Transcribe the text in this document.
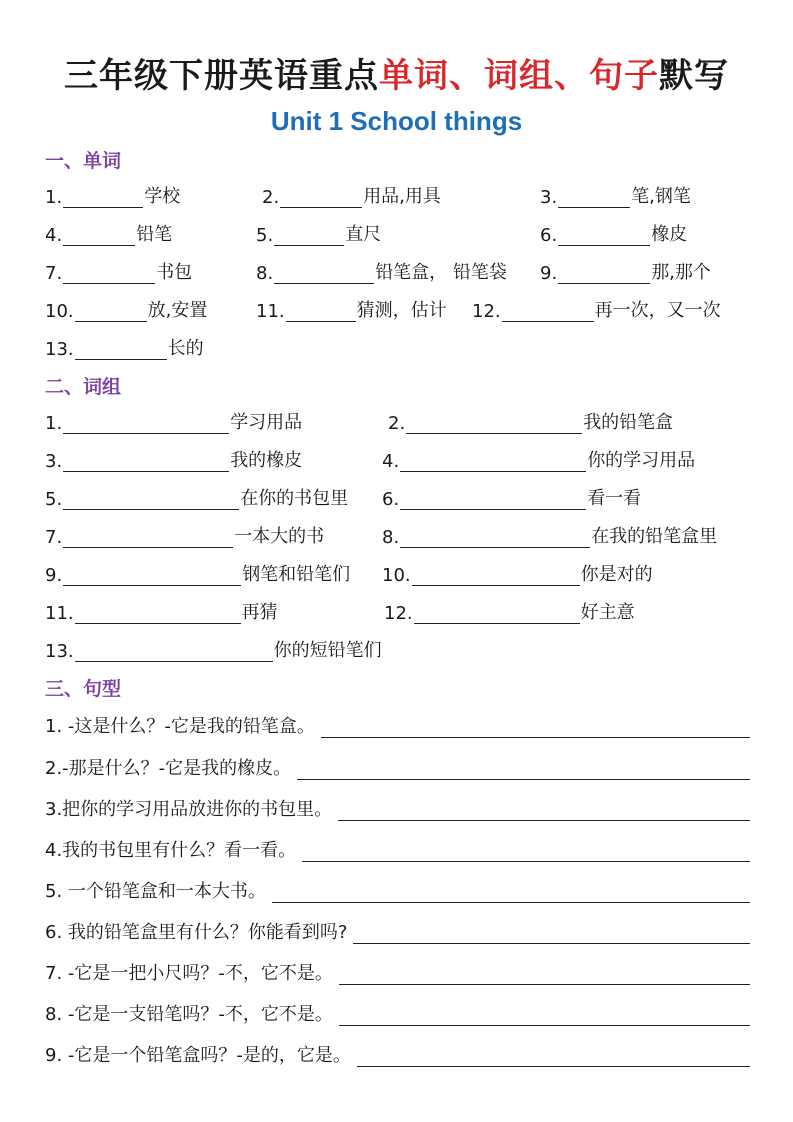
三年级下册英语重点单词、词组、句子默写
Unit 1 School things
一、单词
1.	学校	2.	用品,用具	3.	笔,钢笔
4.	铅笔	5.	直尺	6.	橡皮
7.	书包	8.	铅笔盒， 铅笔袋 9.	那,那个
10.	放,安置	11.	猜测，估计 12.	再一次，又一次
13.	长的
二、词组
1.	学习用品	2.	我的铅笔盒
3.	我的橡皮	4.	你的学习用品
5.	在你的书包里 6.	看一看
7.	一本大的书	8.	在我的铅笔盒里
9.	钢笔和铅笔们 10.	你是对的
11.	再猜	12.	好主意
13.	你的短铅笔们
三、句型
1. -这是什么？-它是我的铅笔盒。
2.-那是什么？-它是我的橡皮。
3.把你的学习用品放进你的书包里。
4.我的书包里有什么？看一看。
5. 一个铅笔盒和一本大书。
6. 我的铅笔盒里有什么？你能看到吗?
7. -它是一把小尺吗？-不，它不是。
8. -它是一支铅笔吗？-不，它不是。
9. -它是一个铅笔盒吗？-是的，它是。
